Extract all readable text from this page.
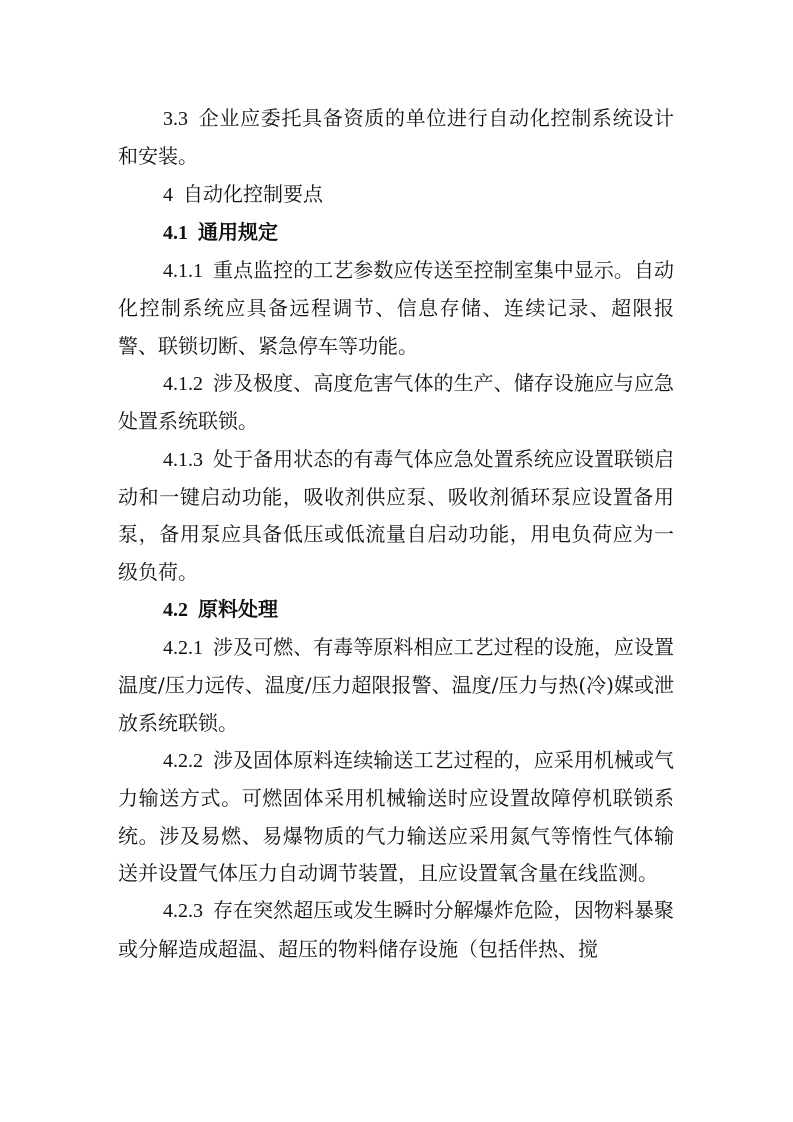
3.3 企业应委托具备资质的单位进行自动化控制系统设计和安装。

4 自动化控制要点

4.1 通用规定

4.1.1 重点监控的工艺参数应传送至控制室集中显示。自动化控制系统应具备远程调节、信息存储、连续记录、超限报警、联锁切断、紧急停车等功能。

4.1.2 涉及极度、高度危害气体的生产、储存设施应与应急处置系统联锁。

4.1.3 处于备用状态的有毒气体应急处置系统应设置联锁启动和一键启动功能，吸收剂供应泵、吸收剂循环泵应设置备用泵，备用泵应具备低压或低流量自启动功能，用电负荷应为一级负荷。

4.2 原料处理

4.2.1 涉及可燃、有毒等原料相应工艺过程的设施，应设置温度/压力远传、温度/压力超限报警、温度/压力与热(冷)媒或泄放系统联锁。

4.2.2 涉及固体原料连续输送工艺过程的，应采用机械或气力输送方式。可燃固体采用机械输送时应设置故障停机联锁系统。涉及易燃、易爆物质的气力输送应采用氮气等惰性气体输送并设置气体压力自动调节装置，且应设置氧含量在线监测。

4.2.3 存在突然超压或发生瞬时分解爆炸危险，因物料暴聚或分解造成超温、超压的物料储存设施（包括伴热、搅
